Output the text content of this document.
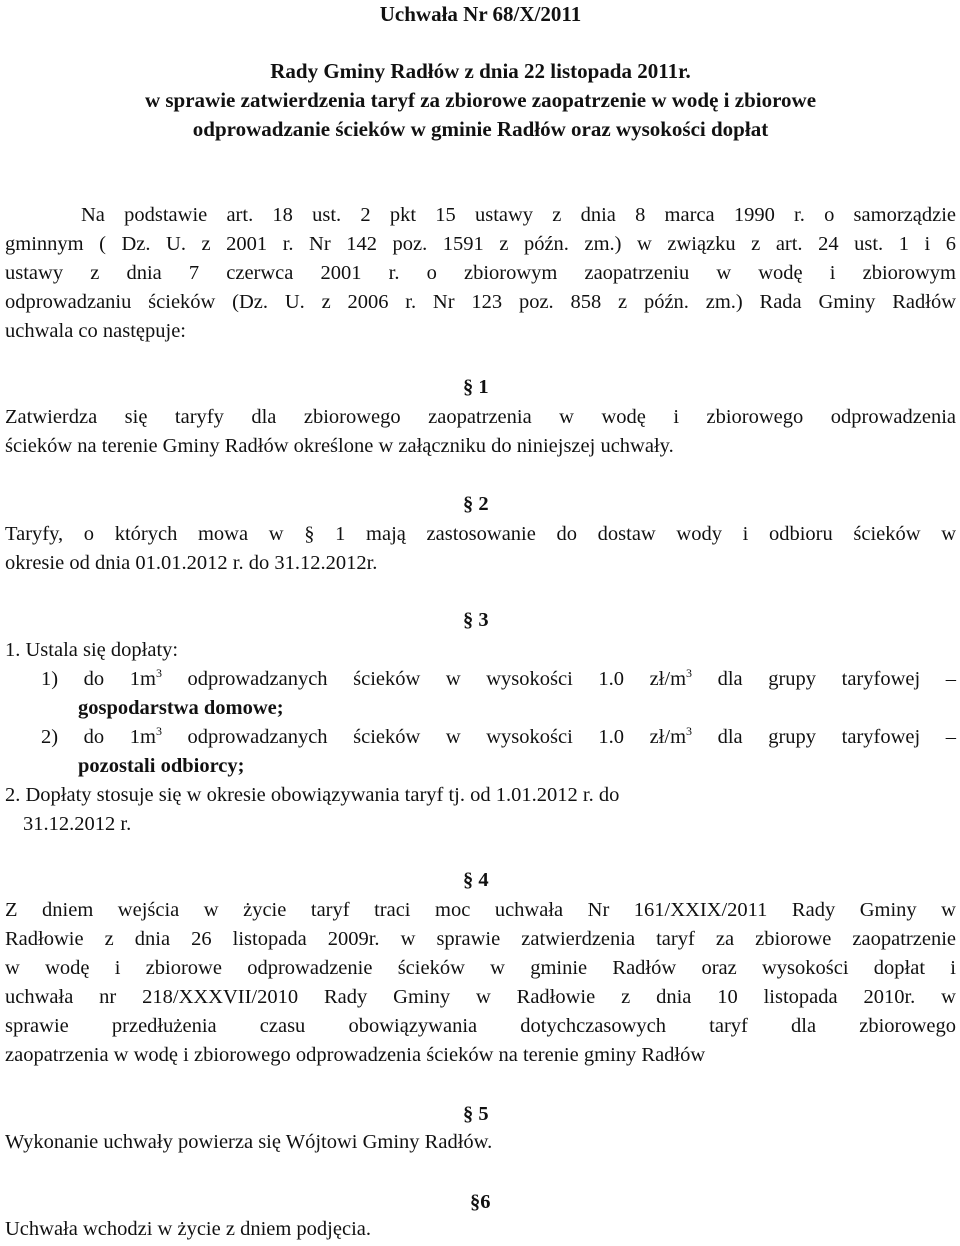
Uchwała Nr 68/X/2011
Rady Gminy Radłów z dnia 22 listopada 2011r.
w sprawie zatwierdzenia taryf za zbiorowe zaopatrzenie w wodę i zbiorowe
odprowadzanie ścieków w gminie Radłów oraz wysokości dopłat

Na podstawie art. 18 ust. 2 pkt 15 ustawy z dnia 8 marca 1990 r. o samorządzie

gminnym ( Dz. U. z 2001 r. Nr 142 poz. 1591 z późn. zm.) w związku z art. 24 ust. 1 i 6

ustawy z dnia 7 czerwca 2001 r. o zbiorowym zaopatrzeniu w wodę i zbiorowym

odprowadzaniu ścieków (Dz. U. z 2006 r. Nr 123 poz. 858 z późn. zm.) Rada Gminy Radłów

uchwala co następuje:

§ 1

Zatwierdza się taryfy dla zbiorowego zaopatrzenia w wodę i zbiorowego odprowadzenia

ścieków na terenie Gminy Radłów określone w załączniku do niniejszej uchwały.

§ 2

Taryfy, o których mowa w § 1 mają zastosowanie do dostaw wody i odbioru ścieków w

okresie od dnia 01.01.2012 r. do 31.12.2012r.

§ 3

1. Ustala się dopłaty:

1) do $1m^3$ odprowadzanych ścieków w wysokości 1.0 $zł/m^3$ dla grupy taryfowej –

gospodarstwa domowe;

2) do $1m^3$ odprowadzanych ścieków w wysokości 1.0 $zł/m^3$ dla grupy taryfowej –

pozostali odbiorcy;

2. Dopłaty stosuje się w okresie obowiązywania taryf tj. od 1.01.2012 r. do

31.12.2012 r.

§ 4

Z dniem wejścia w życie taryf traci moc uchwała Nr 161/XXIX/2011 Rady Gminy w

Radłowie z dnia 26 listopada 2009r. w sprawie zatwierdzenia taryf za zbiorowe zaopatrzenie

w wodę i zbiorowe odprowadzenie ścieków w gminie Radłów oraz wysokości dopłat i

uchwała nr 218/XXXVII/2010 Rady Gminy w Radłowie z dnia 10 listopada 2010r. w

sprawie przedłużenia czasu obowiązywania dotychczasowych taryf dla zbiorowego

zaopatrzenia w wodę i zbiorowego odprowadzenia ścieków na terenie gminy Radłów

§ 5

Wykonanie uchwały powierza się Wójtowi Gminy Radłów.

§6

Uchwała wchodzi w życie z dniem podjęcia.
